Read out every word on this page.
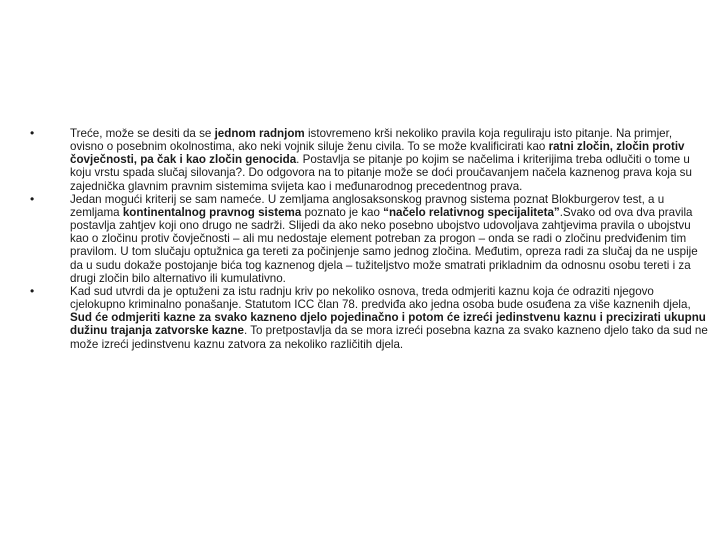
• Treće, može se desiti da se jednom radnjom istovremeno krši nekoliko pravila koja reguliraju isto pitanje. Na primjer, ovisno o posebnim okolnostima, ako neki vojnik siluje ženu civila. To se može kvalificirati kao ratni zločin, zločin protiv čovječnosti, pa čak i kao zločin genocida. Postavlja se pitanje po kojim se načelima i kriterijima treba odlučiti o tome u koju vrstu spada slučaj silovanja?. Do odgovora na to pitanje može se doći proučavanjem načela kaznenog prava koja su zajednička glavnim pravnim sistemima svijeta kao i međunarodnog precedentnog prava.
• Jedan mogući kriterij se sam nameće. U zemljama anglosaksonskog pravnog sistema poznat Blokburgerov test, a u zemljama kontinentalnog pravnog sistema poznato je kao “načelo relativnog specijaliteta”.Svako od ova dva pravila postavlja zahtjev koji ono drugo ne sadrži. Slijedi da ako neko posebno ubojstvo udovoljava zahtjevima pravila o ubojstvu kao o zločinu protiv čovječnosti – ali mu nedostaje element potreban za progon – onda se radi o zločinu predviđenim tim pravilom. U tom slučaju optužnica ga tereti za počinjenje samo jednog zločina. Međutim, opreza radi za slučaj da ne uspije da u sudu dokaže postojanje bića tog kaznenog djela – tužiteljstvo može smatrati prikladnim da odnosnu osobu tereti i za drugi zločin bilo alternativo ili kumulativno.
• Kad sud utvrdi da je optuženi za istu radnju kriv po nekoliko osnova, treda odmjeriti kaznu koja će odraziti njegovo cjelokupno kriminalno ponašanje. Statutom ICC član 78. predviđa ako jedna osoba bude osuđena za više kaznenih djela, Sud će odmjeriti kazne za svako kazneno djelo pojedinačno i potom će izreći jedinstvenu kaznu i precizirati ukupnu dužinu trajanja zatvorske kazne. To pretpostavlja da se mora izreći posebna kazna za svako kazneno djelo tako da sud ne može izreći jedinstvenu kaznu zatvora za nekoliko različitih djela.
